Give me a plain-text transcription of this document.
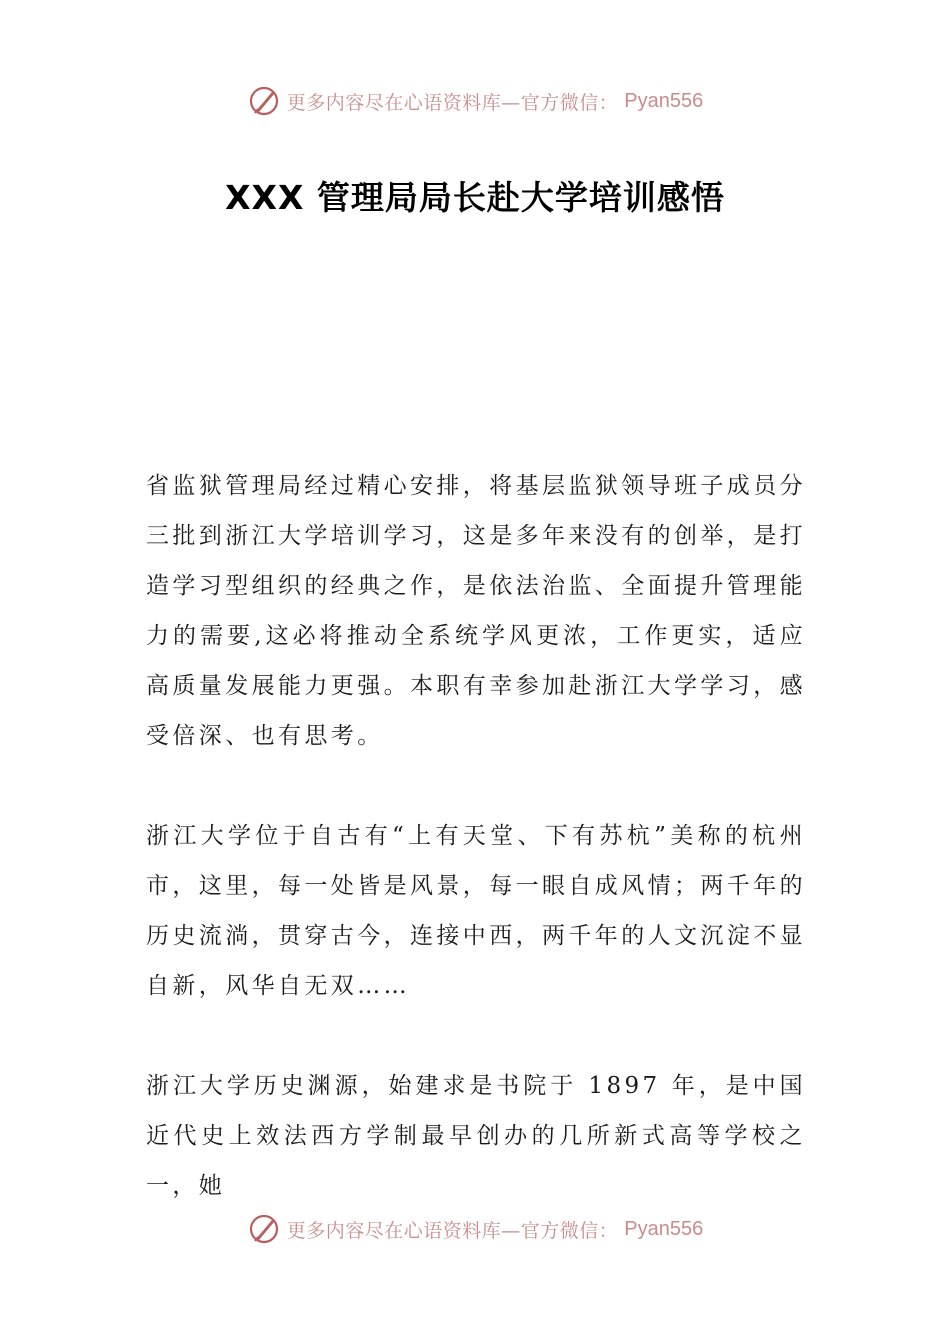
更多内容尽在心语资料库—官方微信： Pyan556
XXX 管理局局长赴大学培训感悟

省监狱管理局经过精心安排，将基层监狱领导班子成员分三批到浙江大学培训学习，这是多年来没有的创举，是打造学习型组织的经典之作，是依法治监、全面提升管理能力的需要,这必将推动全系统学风更浓，工作更实，适应高质量发展能力更强。本职有幸参加赴浙江大学学习，感受倍深、也有思考。

浙江大学位于自古有“上有天堂、下有苏杭”美称的杭州市，这里，每一处皆是风景，每一眼自成风情；两千年的历史流淌，贯穿古今，连接中西，两千年的人文沉淀不显自新，风华自无双……

浙江大学历史渊源，始建求是书院于 1897 年，是中国近代史上效法西方学制最早创办的几所新式高等学校之一，她

更多内容尽在心语资料库—官方微信： Pyan556
